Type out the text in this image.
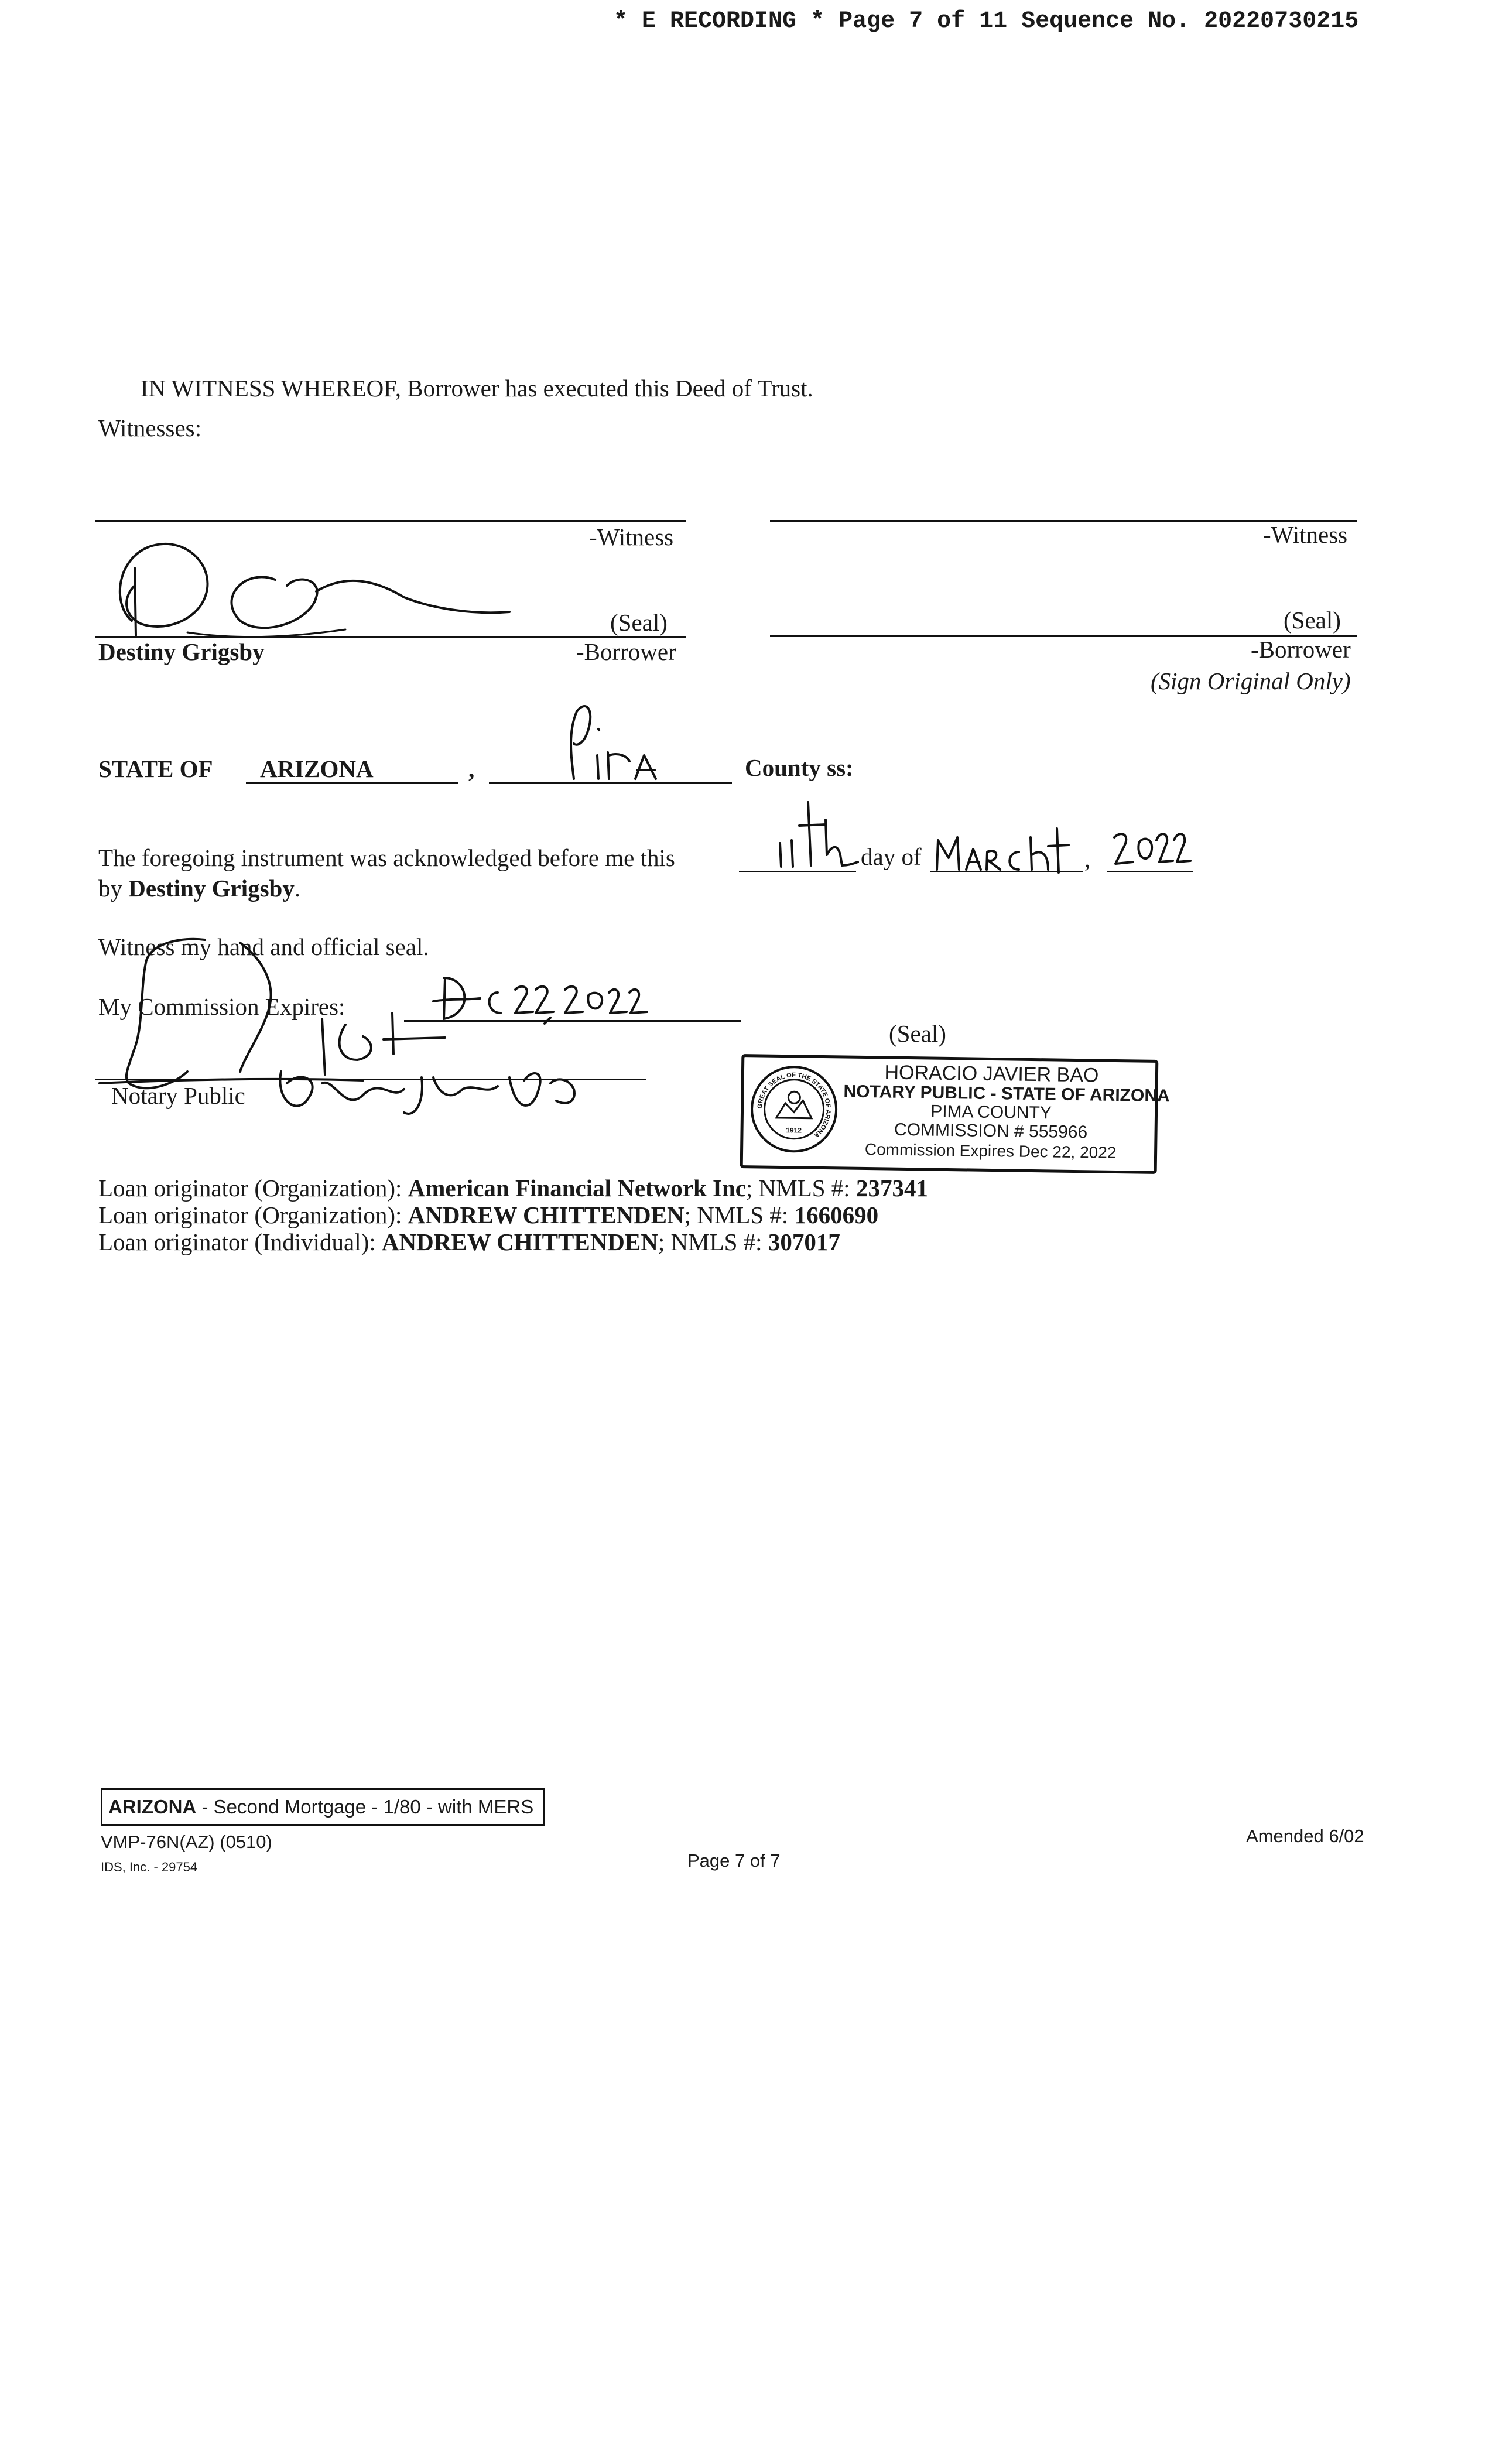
* E RECORDING * Page 7 of 11 Sequence No. 20220730215
IN WITNESS WHEREOF, Borrower has executed this Deed of Trust.
Witnesses:
-Witness	-Witness
(Seal)
Destiny Grigsby	-Borrower
(Seal)
-Borrower
(Sign Original Only)
STATE OF ARIZONA	,	County ss:
The foregoing instrument was acknowledged before me this	day of	,
by Destiny Grigsby.
Witness my hand and official seal.
My Commission Expires:
(Seal)
Notary Public	GREAT SEAL OF THE STATE OF ARIZONA
1912
HORACIO JAVIER BAO
NOTARY PUBLIC - STATE OF ARIZONA
PIMA COUNTY
COMMISSION # 555966
Commission Expires Dec 22, 2022
Loan originator (Organization): American Financial Network Inc; NMLS #: 237341
Loan originator (Organization): ANDREW CHITTENDEN; NMLS #: 1660690
Loan originator (Individual): ANDREW CHITTENDEN; NMLS #: 307017
ARIZONA - Second Mortgage - 1/80 - with MERS
VMP-76N(AZ) (0510)
IDS, Inc. - 29754	Page 7 of 7
Amended 6/02
